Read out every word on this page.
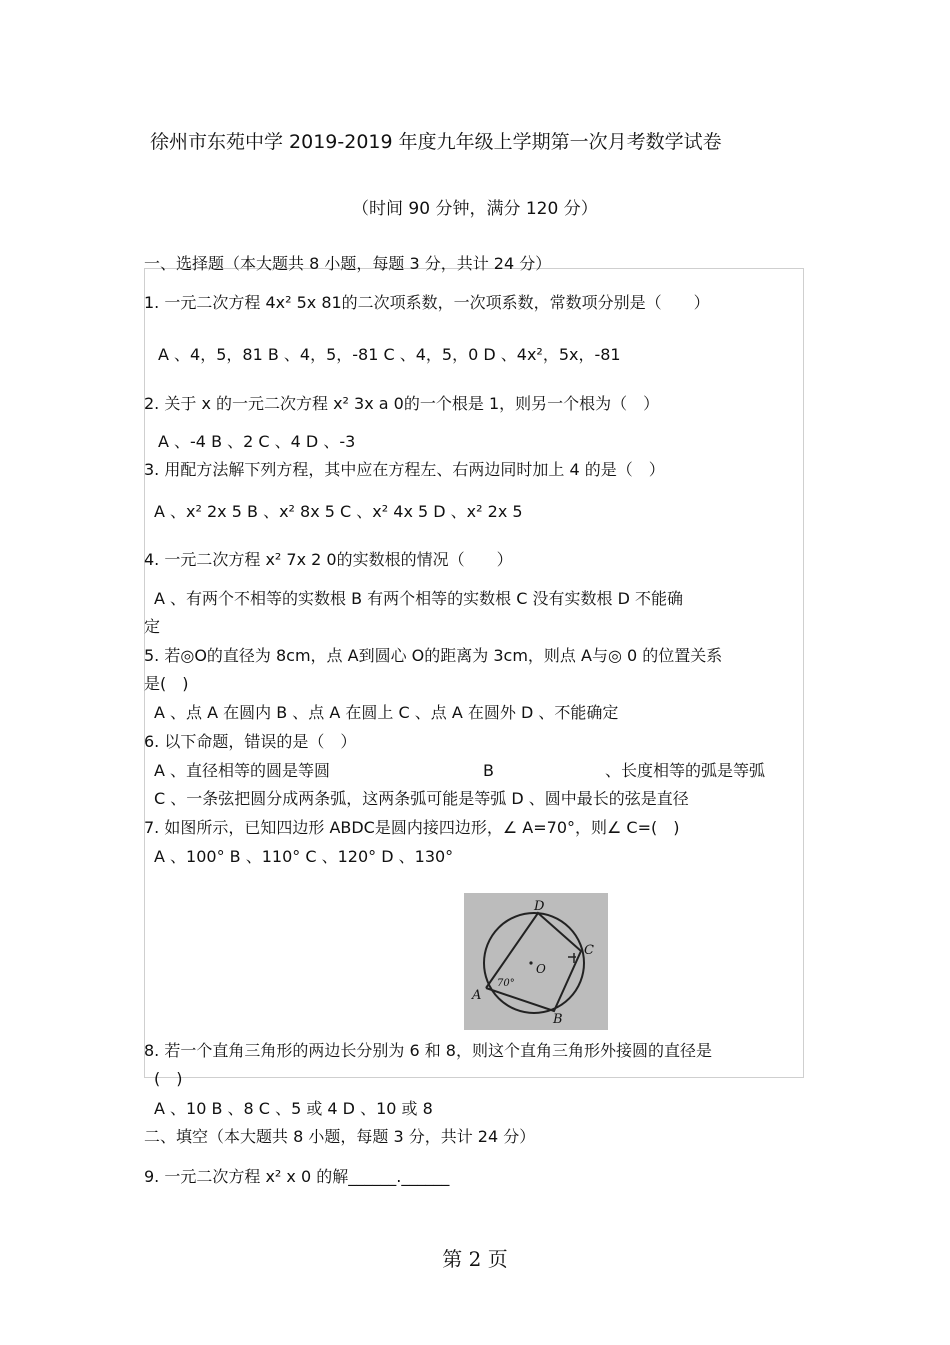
徐州市东苑中学 2019-2019 年度九年级上学期第一次月考数学试卷
（时间 90 分钟，满分 120 分）
一、选择题（本大题共 8 小题，每题 3 分，共计 24 分）
1. 一元二次方程 4x² 5x 81的二次项系数，一次项系数，常数项分别是（　　）
A 、4，5，81 B 、4，5，-81 C 、4，5，0 D 、4x²，5x，-81
2. 关于 x 的一元二次方程 x² 3x a 0的一个根是 1，则另一个根为（　）
A 、-4 B 、2 C 、4 D 、-3
3. 用配方法解下列方程，其中应在方程左、右两边同时加上 4 的是（　）
A 、x² 2x 5 B 、x² 8x 5 C 、x² 4x 5 D 、x² 2x 5
4. 一元二次方程 x² 7x 2 0的实数根的情况（　　）
A 、有两个不相等的实数根 B 有两个相等的实数根 C 没有实数根 D 不能确
定
5. 若◎O的直径为 8cm，点 A到圆心 O的距离为 3cm，则点 A与◎ 0 的位置关系
是(　)
A 、点 A 在圆内 B 、点 A 在圆上 C 、点 A 在圆外 D 、不能确定
6. 以下命题，错误的是（　）
A 、直径相等的圆是等圆	B	、长度相等的弧是等弧
C 、一条弦把圆分成两条弧，这两条弧可能是等弧 D 、圆中最长的弦是直径
7. 如图所示，已知四边形 ABDC是圆内接四边形，∠ A=70°，则∠ C=(　)
A 、100° B 、110° C 、120° D 、130°
D
C
A
B
O
70°
8. 若一个直角三角形的两边长分别为 6 和 8，则这个直角三角形外接圆的直径是
(　)
A 、10 B 、8 C 、5 或 4 D 、10 或 8
二、填空（本大题共 8 小题，每题 3 分，共计 24 分）
9. 一元二次方程 x² x 0 的解______.______
第 2 页
